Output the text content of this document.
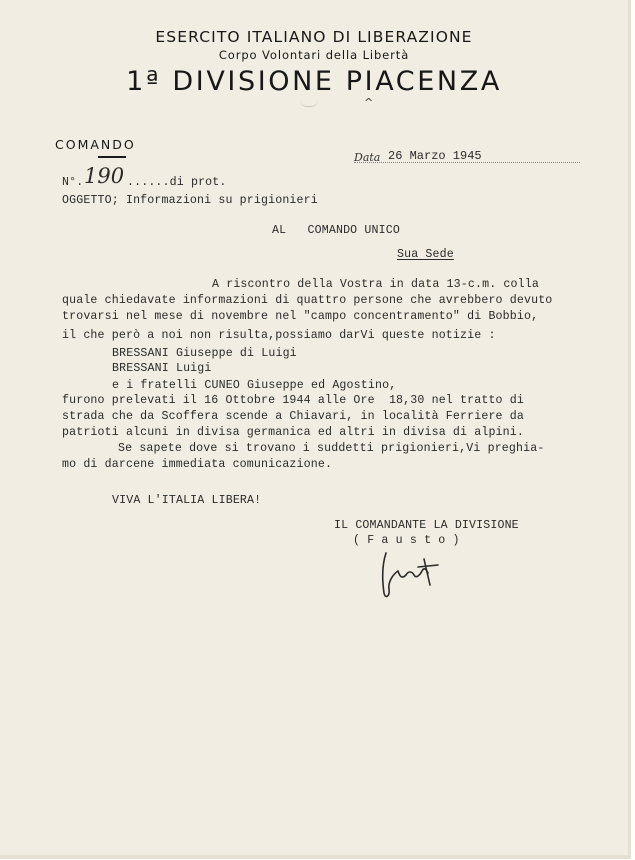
ESERCITO ITALIANO DI LIBERAZIONE
Corpo Volontari della Libertà
1ª DIVISIONE PIACENZA
^
COMANDO
Data 26 Marzo 1945
N°. 190 ......di prot.
OGGETTO; Informazioni su prigionieri
AL   COMANDO UNICO
Sua Sede
A riscontro della Vostra in data 13-c.m. colla
quale chiedavate informazioni di quattro persone che avrebbero devuto
trovarsi nel mese di novembre nel "campo concentramento" di Bobbio,
il che però a noi non risulta,possiamo darVi queste notizie :
BRESSANI Giuseppe di Luigi
BRESSANI Luigi
e i fratelli CUNEO Giuseppe ed Agostino,
furono prelevati il 16 Ottobre 1944 alle Ore  18,30 nel tratto di
strada che da Scoffera scende a Chiavari, in località Ferriere da
patrioti alcuni in divisa germanica ed altri in divisa di alpini.
Se sapete dove si trovano i suddetti prigionieri,Vi preghia-
mo di darcene immediata comunicazione.
VIVA L'ITALIA LIBERA!
IL COMANDANTE LA DIVISIONE
( F a u s t o )
